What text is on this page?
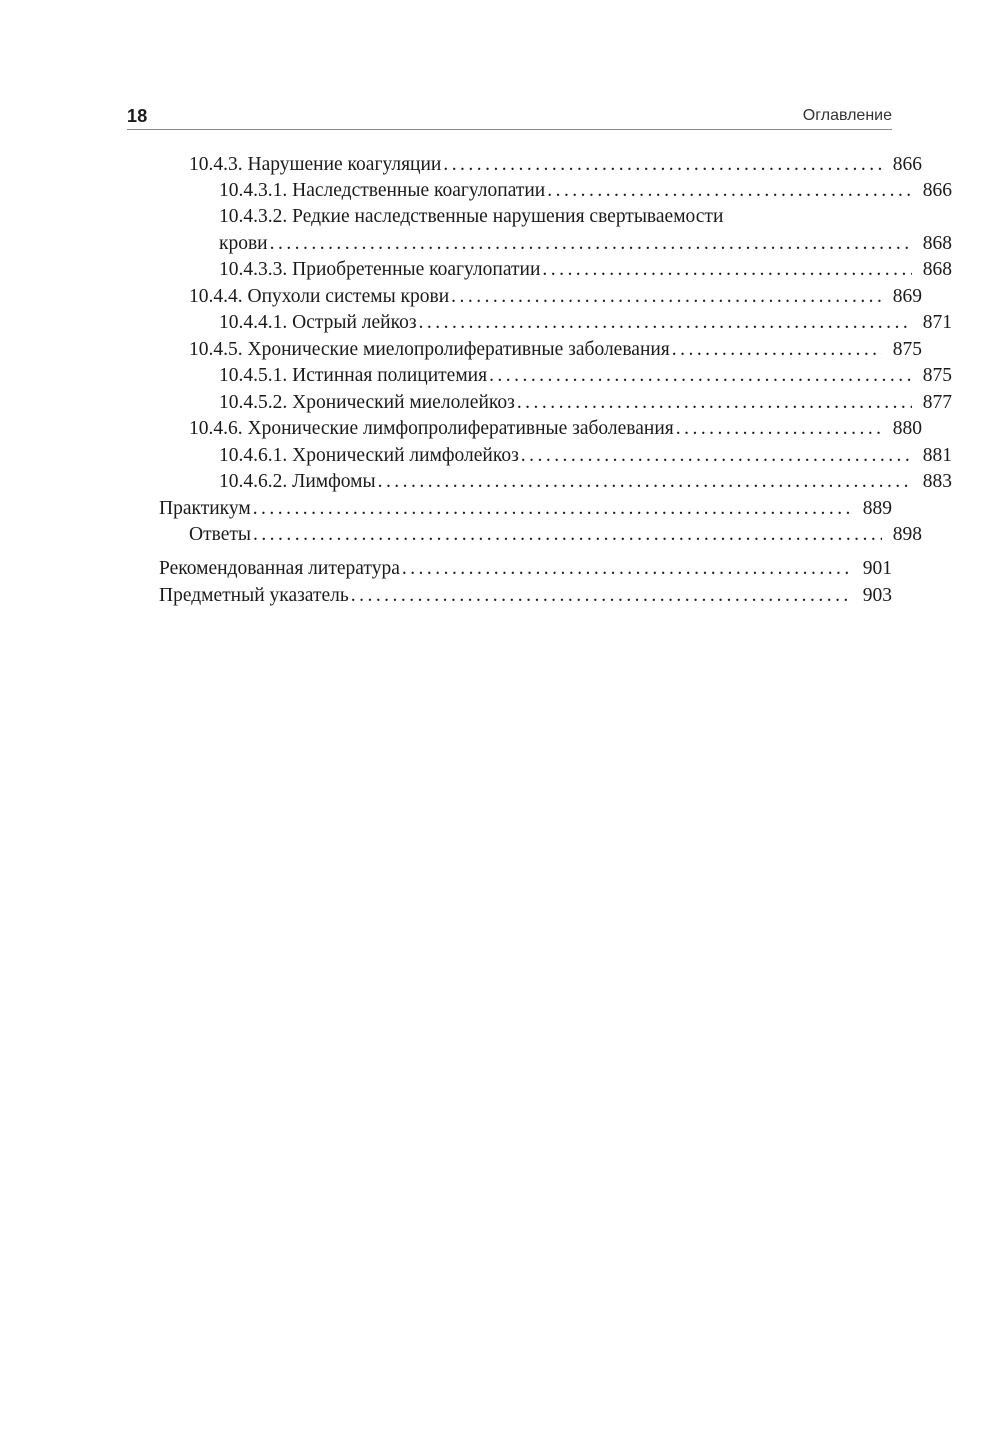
18	Оглавление
10.4.3. Нарушение коагуляции . . .	866
10.4.3.1. Наследственные коагулопатии . . .	866
10.4.3.2. Редкие наследственные нарушения свертываемости
крови . . .	868
10.4.3.3. Приобретенные коагулопатии . . .	868
10.4.4. Опухоли системы крови . . .	869
10.4.4.1. Острый лейкоз . . .	871
10.4.5. Хронические миелопролиферативные заболевания . . .	875
10.4.5.1. Истинная полицитемия . . .	875
10.4.5.2. Хронический миелолейкоз . . .	877
10.4.6. Хронические лимфопролиферативные заболевания . . .	880
10.4.6.1. Хронический лимфолейкоз . . .	881
10.4.6.2. Лимфомы . . .	883
Практикум . . .	889
Ответы . . .	898
Рекомендованная литература . . .	901
Предметный указатель . . .	903
